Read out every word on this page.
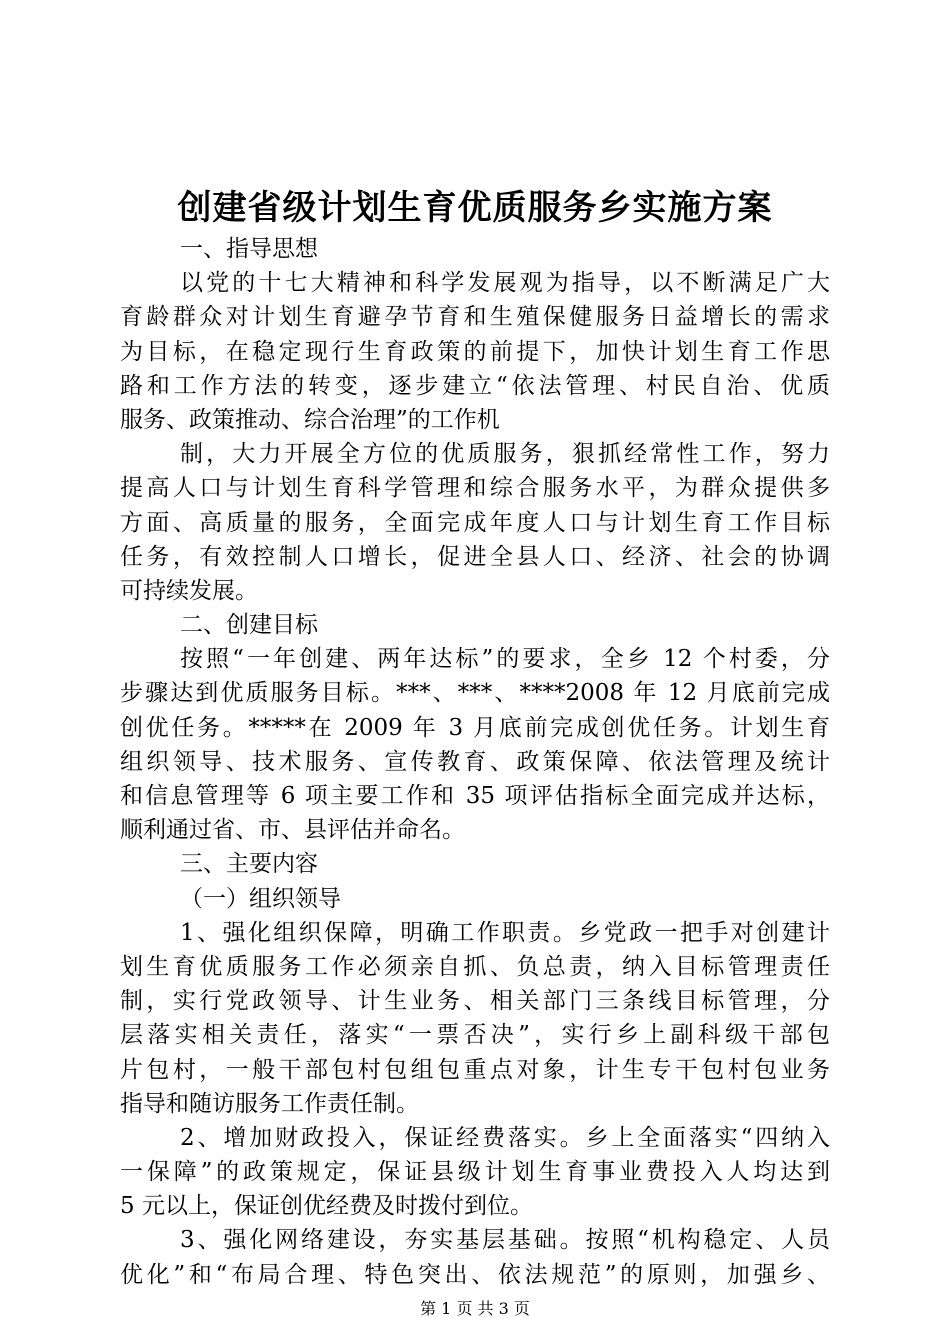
创建省级计划生育优质服务乡实施方案
一、指导思想
以党的十七大精神和科学发展观为指导，以不断满足广大
育龄群众对计划生育避孕节育和生殖保健服务日益增长的需求
为目标，在稳定现行生育政策的前提下，加快计划生育工作思
路和工作方法的转变，逐步建立“依法管理、村民自治、优质
服务、政策推动、综合治理”的工作机
制，大力开展全方位的优质服务，狠抓经常性工作，努力
提高人口与计划生育科学管理和综合服务水平，为群众提供多
方面、高质量的服务，全面完成年度人口与计划生育工作目标
任务，有效控制人口增长，促进全县人口、经济、社会的协调
可持续发展。
二、创建目标
按照“一年创建、两年达标”的要求，全乡 12 个村委，分
步骤达到优质服务目标。***、***、****2008 年 12 月底前完成
创优任务。*****在 2009 年 3 月底前完成创优任务。计划生育
组织领导、技术服务、宣传教育、政策保障、依法管理及统计
和信息管理等 6 项主要工作和 35 项评估指标全面完成并达标，
顺利通过省、市、县评估并命名。
三、主要内容
（一）组织领导
1、强化组织保障，明确工作职责。乡党政一把手对创建计
划生育优质服务工作必须亲自抓、负总责，纳入目标管理责任
制，实行党政领导、计生业务、相关部门三条线目标管理，分
层落实相关责任，落实“一票否决”，实行乡上副科级干部包
片包村，一般干部包村包组包重点对象，计生专干包村包业务
指导和随访服务工作责任制。
2、增加财政投入，保证经费落实。乡上全面落实“四纳入
一保障”的政策规定，保证县级计划生育事业费投入人均达到
5 元以上，保证创优经费及时拨付到位。
3、强化网络建设，夯实基层基础。按照“机构稳定、人员
优化”和“布局合理、特色突出、依法规范”的原则，加强乡、
第 1 页 共 3 页
